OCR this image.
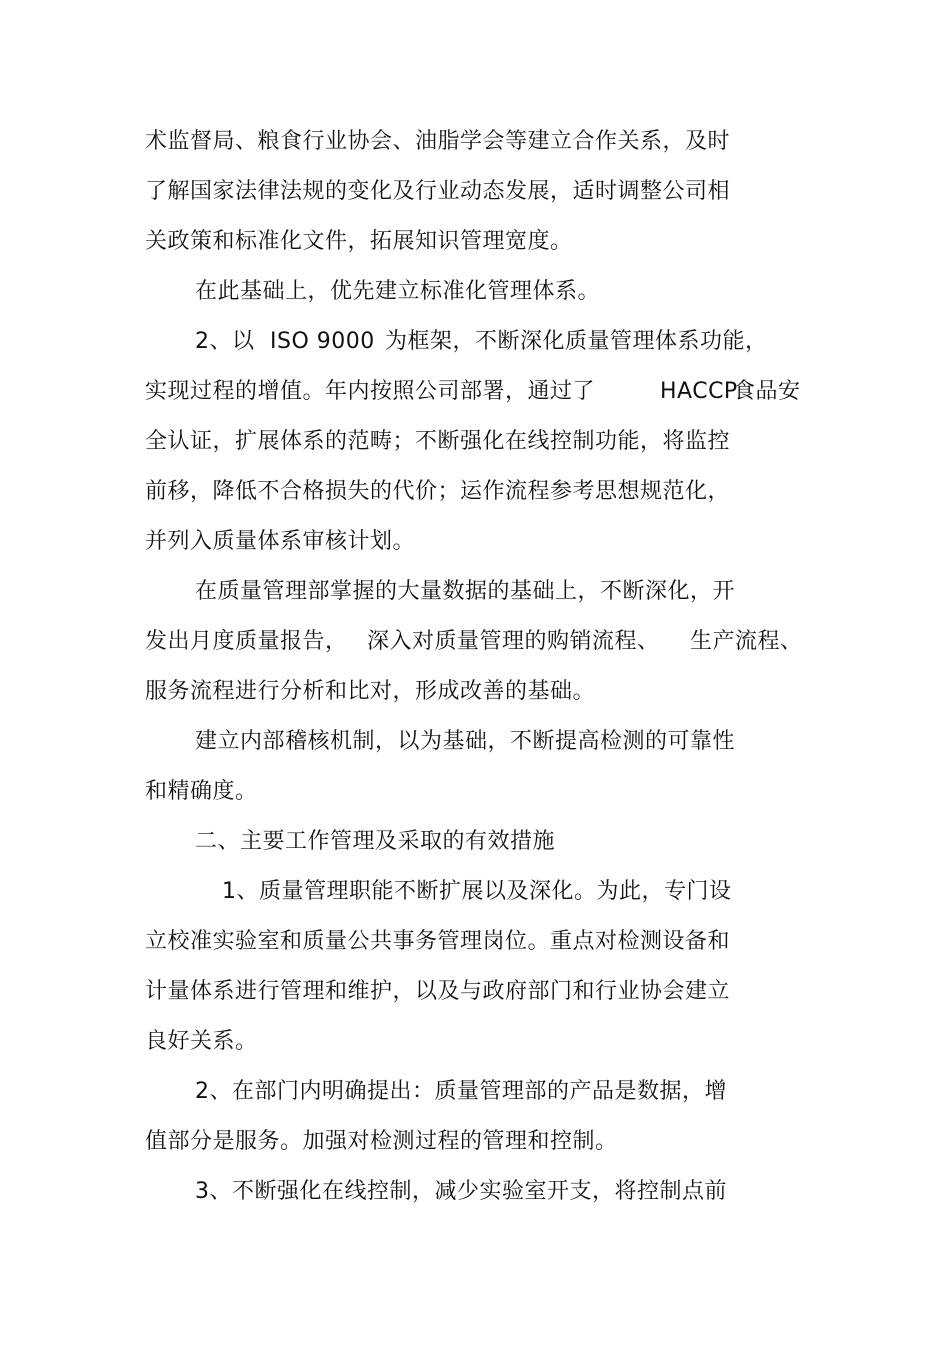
术监督局、粮食行业协会、油脂学会等建立合作关系，及时
了解国家法律法规的变化及行业动态发展，适时调整公司相
关政策和标准化文件，拓展知识管理宽度。
在此基础上，优先建立标准化管理体系。
2、以 ISO 9000 为框架，不断深化质量管理体系功能，
实现过程的增值。年内按照公司部署，通过了	HACCP
食品安
全认证，扩展体系的范畴；不断强化在线控制功能，将监控
前移，降低不合格损失的代价；运作流程参考思想规范化，
并列入质量体系审核计划。
在质量管理部掌握的大量数据的基础上，不断深化，开
发出月度质量报告， 深入对质量管理的购销流程、 生产流程、
服务流程进行分析和比对，形成改善的基础。
建立内部稽核机制，以为基础，不断提高检测的可靠性
和精确度。
二、主要工作管理及采取的有效措施
1、质量管理职能不断扩展以及深化。为此，专门设
立校准实验室和质量公共事务管理岗位。重点对检测设备和
计量体系进行管理和维护，以及与政府部门和行业协会建立
良好关系。
2、在部门内明确提出：质量管理部的产品是数据，增
值部分是服务。加强对检测过程的管理和控制。
3、不断强化在线控制，减少实验室开支，将控制点前
